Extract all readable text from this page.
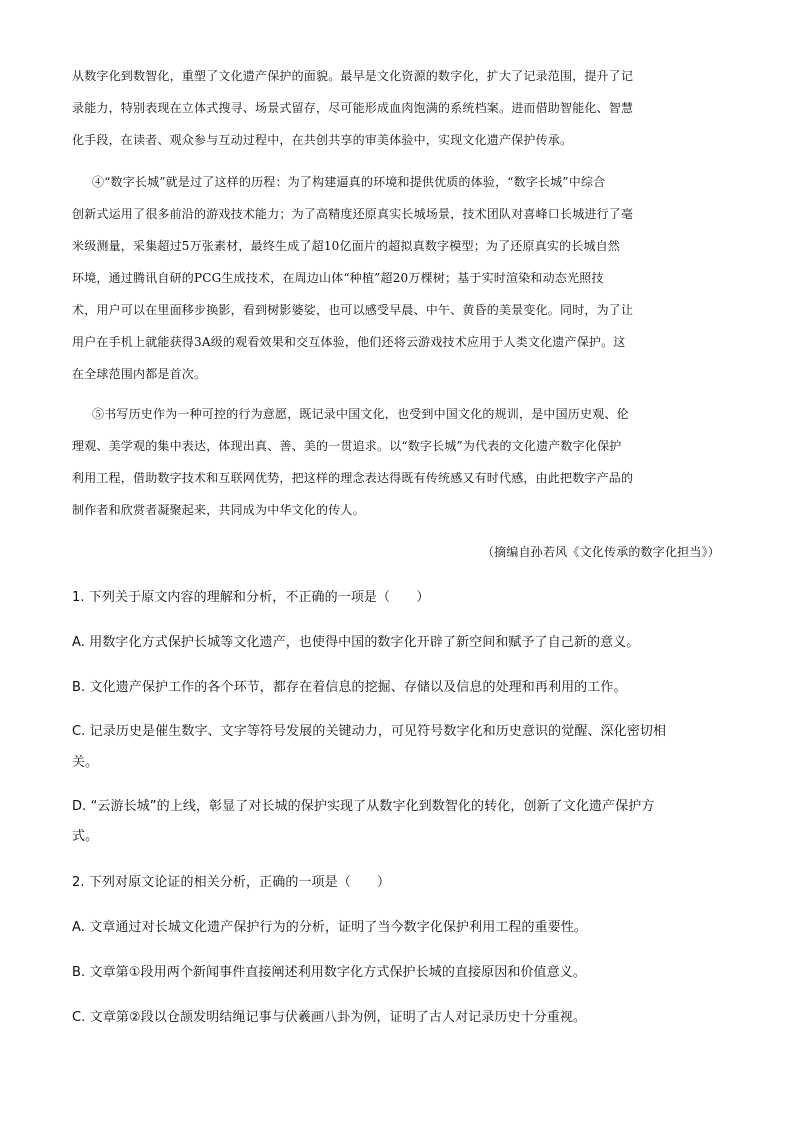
从数字化到数智化，重塑了文化遗产保护的面貌。最早是文化资源的数字化，扩大了记录范围，提升了记
录能力，特别表现在立体式搜寻、场景式留存，尽可能形成血肉饱满的系统档案。进而借助智能化、智慧
化手段，在读者、观众参与互动过程中，在共创共享的审美体验中，实现文化遗产保护传承。
④“数字长城”就是过了这样的历程：为了构建逼真的环境和提供优质的体验，“数字长城”中综合
创新式运用了很多前沿的游戏技术能力；为了高精度还原真实长城场景，技术团队对喜峰口长城进行了毫
米级测量，采集超过5万张素材，最终生成了超10亿面片的超拟真数字模型；为了还原真实的长城自然
环境，通过腾讯自研的PCG生成技术，在周边山体“种植”超20万棵树；基于实时渲染和动态光照技
术，用户可以在里面移步换影，看到树影婆娑，也可以感受早晨、中午、黄昏的美景变化。同时，为了让
用户在手机上就能获得3A级的观看效果和交互体验，他们还将云游戏技术应用于人类文化遗产保护。这
在全球范围内都是首次。
⑤书写历史作为一种可控的行为意愿，既记录中国文化，也受到中国文化的规训，是中国历史观、伦
理观、美学观的集中表达，体现出真、善、美的一贯追求。以“数字长城”为代表的文化遗产数字化保护
利用工程，借助数字技术和互联网优势，把这样的理念表达得既有传统感又有时代感，由此把数字产品的
制作者和欣赏者凝聚起来，共同成为中华文化的传人。
（摘编自孙若风《文化传承的数字化担当》）
1. 下列关于原文内容的理解和分析，不正确的一项是（　　）
A. 用数字化方式保护长城等文化遗产，也使得中国的数字化开辟了新空间和赋予了自己新的意义。
B. 文化遗产保护工作的各个环节，都存在着信息的挖掘、存储以及信息的处理和再利用的工作。
C. 记录历史是催生数字、文字等符号发展的关键动力，可见符号数字化和历史意识的觉醒、深化密切相
关。
D. “云游长城”的上线，彰显了对长城的保护实现了从数字化到数智化的转化，创新了文化遗产保护方
式。
2. 下列对原文论证的相关分析，正确的一项是（　　）
A. 文章通过对长城文化遗产保护行为的分析，证明了当今数字化保护利用工程的重要性。
B. 文章第①段用两个新闻事件直接阐述利用数字化方式保护长城的直接原因和价值意义。
C. 文章第②段以仓颉发明结绳记事与伏羲画八卦为例，证明了古人对记录历史十分重视。
